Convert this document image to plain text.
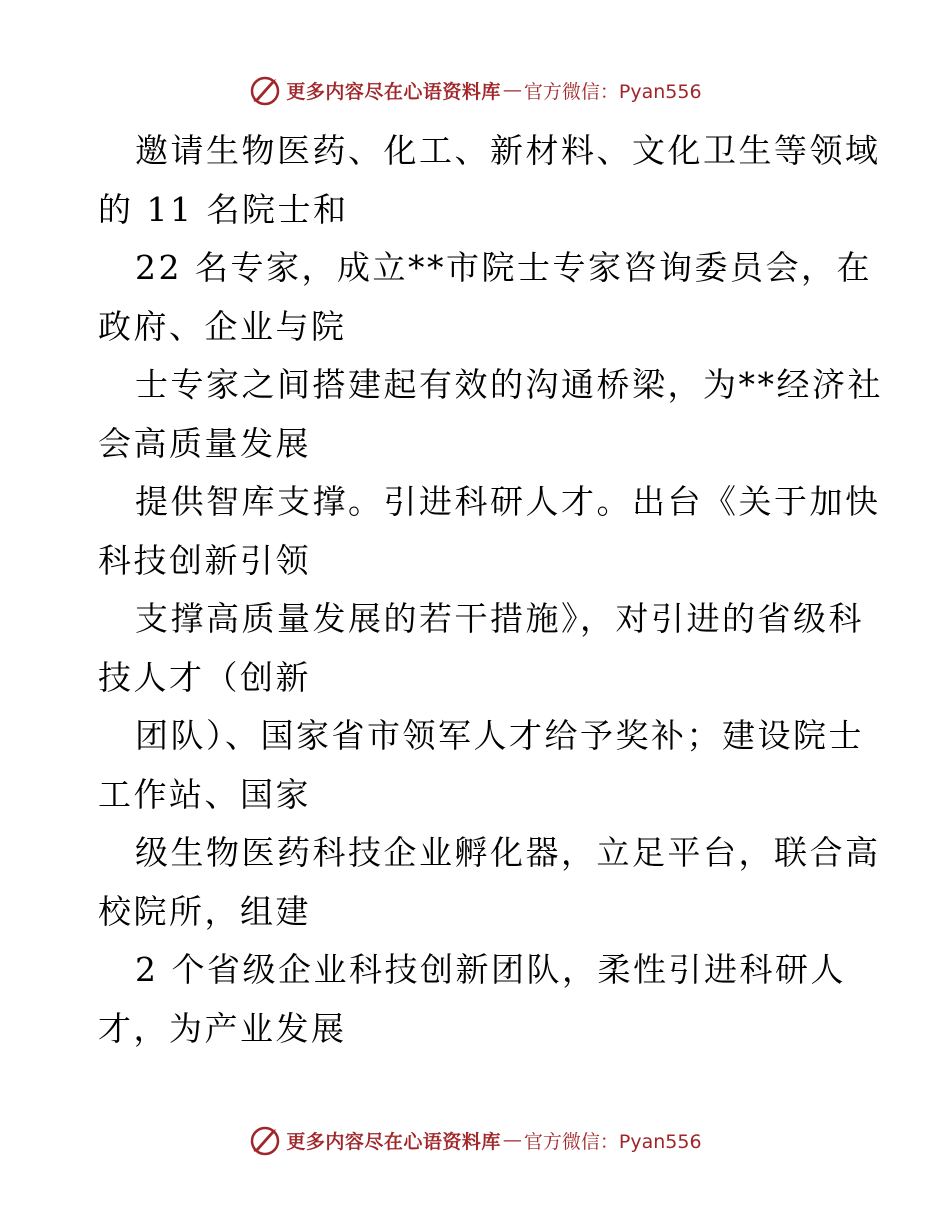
更多内容尽在心语资料库 — 官方微信：Pyan556
邀请生物医药、化工、新材料、文化卫生等领域
的 11 名院士和
22 名专家，成立**市院士专家咨询委员会，在
政府、企业与院
士专家之间搭建起有效的沟通桥梁，为**经济社
会高质量发展
提供智库支撑。引进科研人才。出台《关于加快
科技创新引领
支撑高质量发展的若干措施》，对引进的省级科
技人才（创新
团队）、国家省市领军人才给予奖补；建设院士
工作站、国家
级生物医药科技企业孵化器，立足平台，联合高
校院所，组建
2 个省级企业科技创新团队，柔性引进科研人
才，为产业发展
更多内容尽在心语资料库 — 官方微信：Pyan556
